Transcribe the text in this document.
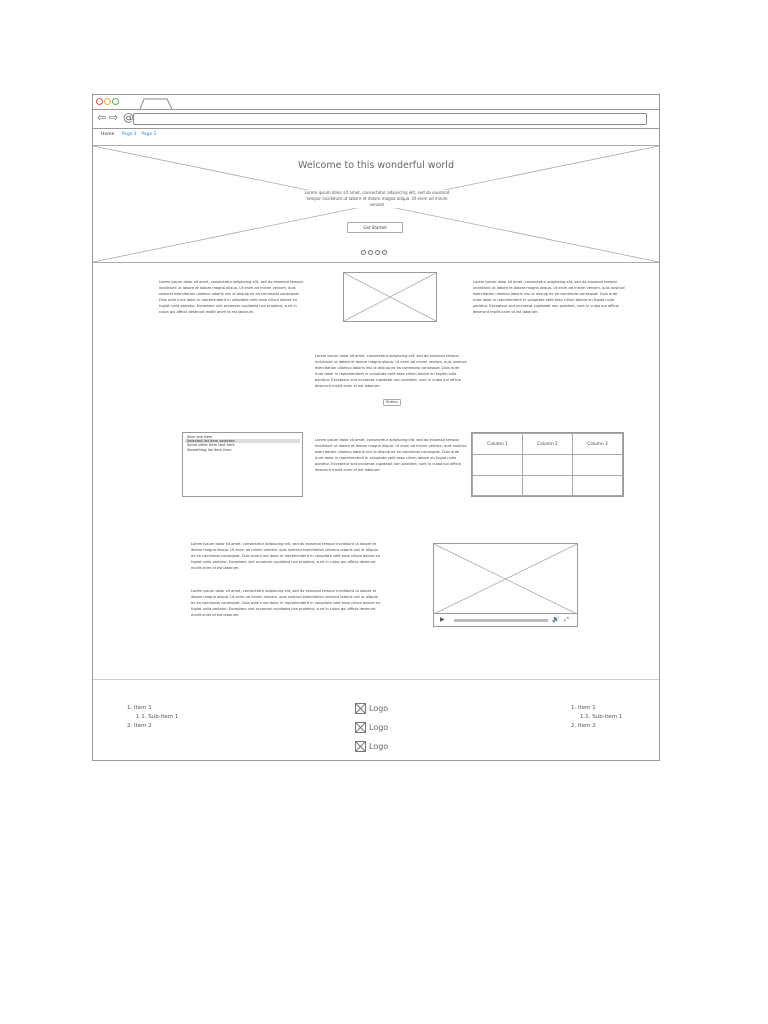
⇦ ⇨ @
Home Page 1 Page 2
Welcome to this wonderful world
Lorem ipsum dolor sit amet, consectetur adipiscing elit, sed do eiusmod tempor incididunt ut labore et dolore magna aliqua. Ut enim ad minim veniam
Get Started
Lorem ipsum dolor sit amet, consectetur adipiscing elit, sed do eiusmod tempor incididunt ut labore et dolore magna aliqua. Ut enim ad minim veniam, quis nostrud exercitation ullamco laboris nisi ut aliquip ex ea commodo consequat. Duis aute irure dolor in reprehenderit in voluptate velit esse cillum dolore eu fugiat nulla pariatur. Excepteur sint occaecat cupidatat non proident, sunt in culpa qui officia deserunt mollit anim id est laborum.
Lorem ipsum dolor sit amet, consectetur adipiscing elit, sed do eiusmod tempor incididunt ut labore et dolore magna aliqua. Ut enim ad minim veniam, quis nostrud exercitation ullamco laboris nisi ut aliquip ex ea commodo consequat. Duis aute irure dolor in reprehenderit in voluptate velit esse cillum dolore eu fugiat nulla pariatur. Excepteur sint occaecat cupidatat non proident, sunt in culpa qui officia deserunt mollit anim id est laborum.
Lorem ipsum dolor sit amet, consectetur adipiscing elit, sed do eiusmod tempor incididunt ut labore et dolore magna aliqua. Ut enim ad minim veniam, quis nostrud exercitation ullamco laboris nisi ut aliquip ex ea commodo consequat. Duis aute irure dolor in reprehenderit in voluptate velit esse cillum dolore eu fugiat nulla pariatur. Excepteur sint occaecat cupidatat non proident, sunt in culpa qui officia deserunt mollit anim id est laborum.
Button
Item one Item
Selected list item selected
Some other Item text here
Something list item Item
Lorem ipsum dolor sit amet, consectetur adipiscing elit, sed do eiusmod tempor incididunt ut labore et dolore magna aliqua. Ut enim ad minim veniam, quis nostrud exercitation ullamco laboris nisi ut aliquip ex ea commodo consequat. Duis aute irure dolor in reprehenderit in voluptate velit esse cillum dolore eu fugiat nulla pariatur. Excepteur sint occaecat cupidatat non proident, sunt in culpa qui officia deserunt mollit anim id est laborum.
Column 1	Column 2	Column 3

Lorem ipsum dolor sit amet, consectetur adipiscing elit, sed do eiusmod tempor incididunt ut labore et dolore magna aliqua. Ut enim ad minim veniam, quis nostrud exercitation ullamco laboris nisi ut aliquip ex ea commodo consequat. Duis aute irure dolor in reprehenderit in voluptate velit esse cillum dolore eu fugiat nulla pariatur. Excepteur sint occaecat cupidatat non proident, sunt in culpa qui officia deserunt mollit anim id est laborum.
Lorem ipsum dolor sit amet, consectetur adipiscing elit, sed do eiusmod tempor incididunt ut labore et dolore magna aliqua. Ut enim ad minim veniam, quis nostrud exercitation ullamco laboris nisi ut aliquip ex ea commodo consequat. Duis aute irure dolor in reprehenderit in voluptate velit esse cillum dolore eu fugiat nulla pariatur. Excepteur sint occaecat cupidatat non proident, sunt in culpa qui officia deserunt mollit anim id est laborum.
▶	🔊 ⤢
1. Item 1
1.1. Sub-item 1
2. Item 2
Logo
Logo
Logo
1. Item 1
1.1. Sub-item 1
2. Item 2
